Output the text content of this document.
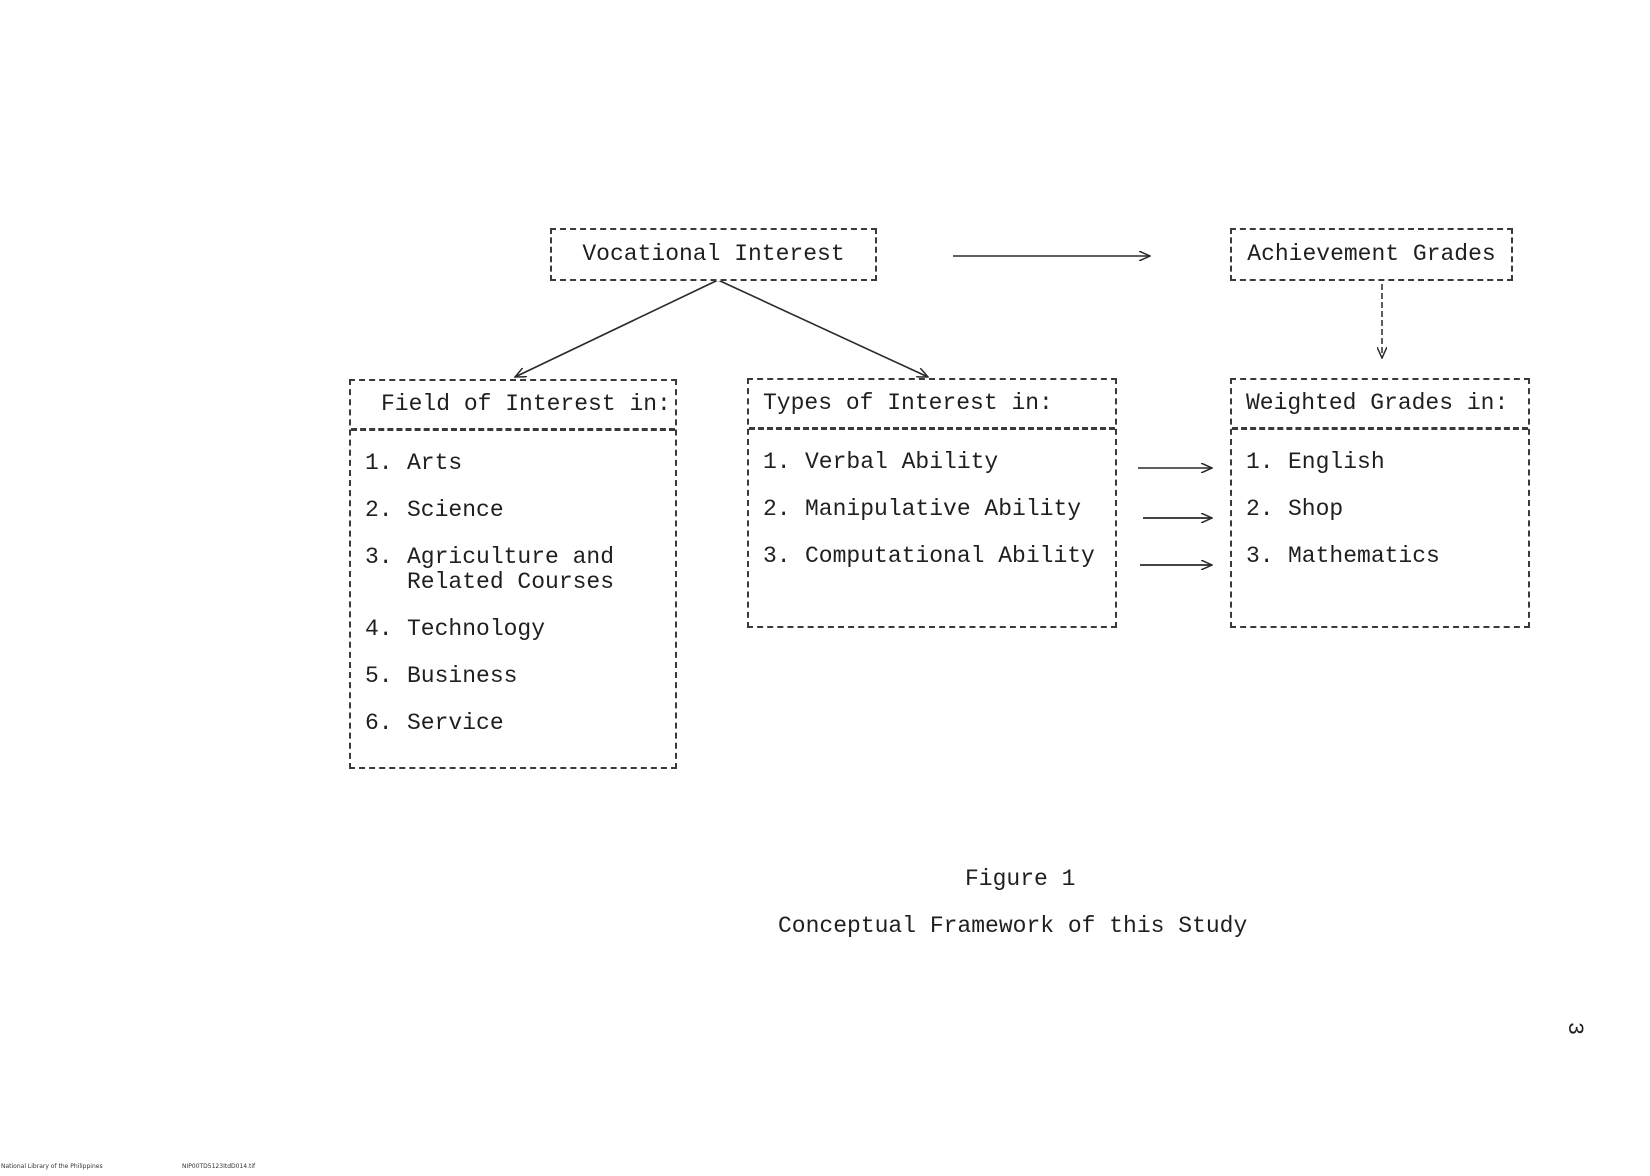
Vocational Interest	Achievement Grades
Field of Interest in:
1. Arts
2. Science
3. Agriculture and
Related Courses
4. Technology
5. Business
6. Service
Types of Interest in:
1. Verbal Ability
2. Manipulative Ability
3. Computational Ability
Weighted Grades in:
1. English
2. Shop
3. Mathematics
Figure 1
Conceptual Framework of this Study
3
National Library of the Philippines	NIP00TD5123ItdD014.tif
